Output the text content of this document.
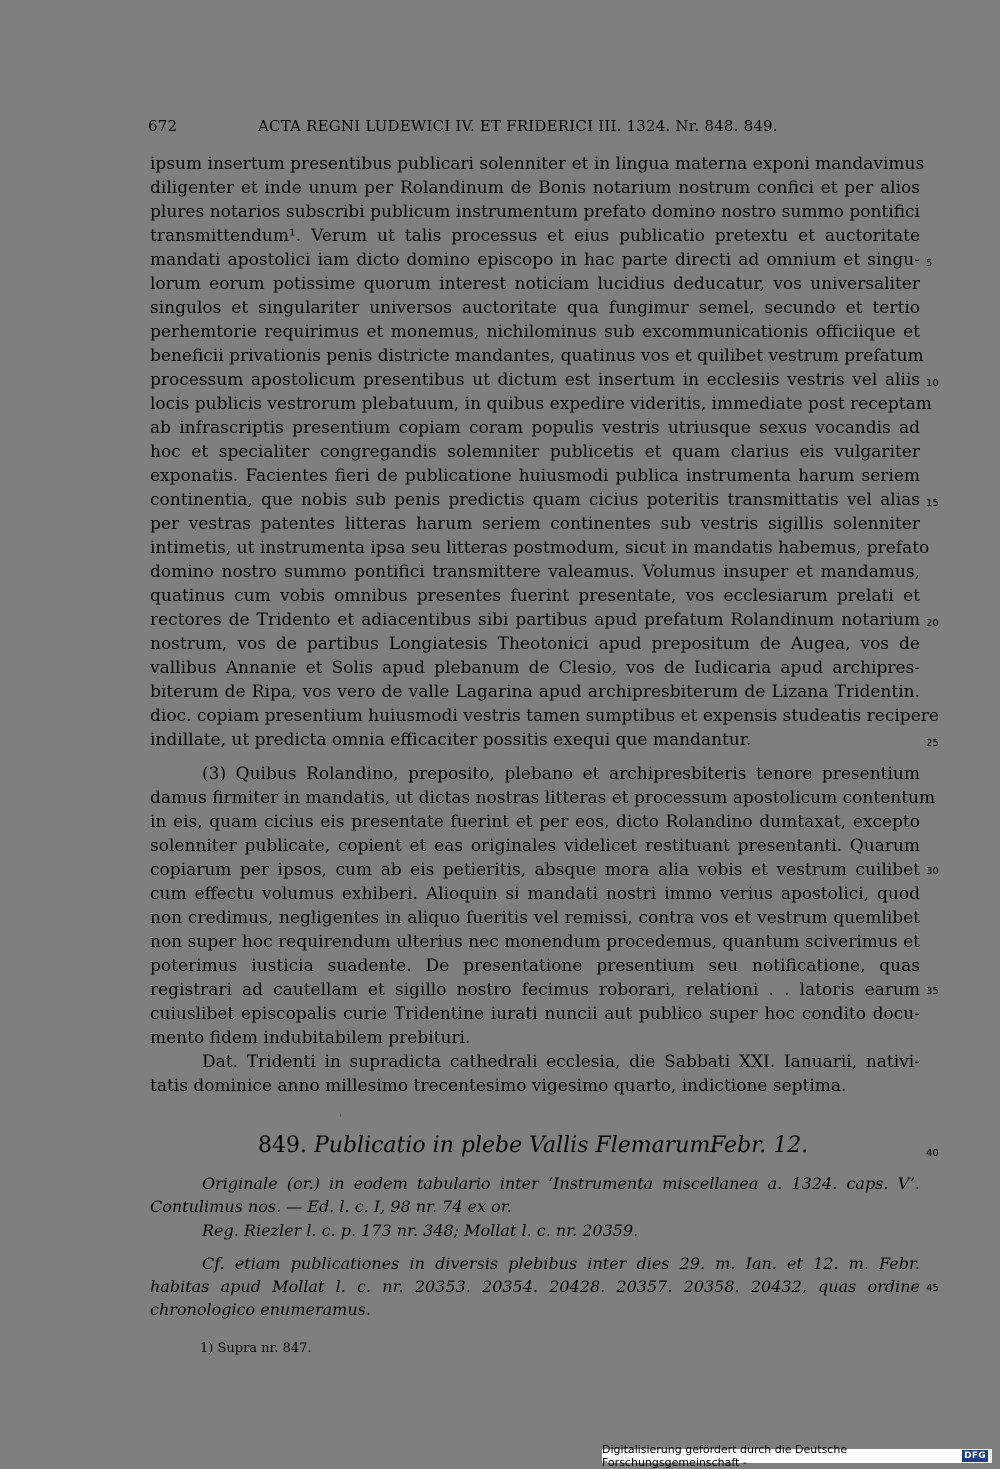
672	ACTA REGNI LUDEWICI IV. ET FRIDERICI III. 1324. Nr. 848. 849.
ipsum insertum presentibus publicari solenniter et in lingua materna exponi mandavimus
diligenter et inde unum per Rolandinum de Bonis notarium nostrum confici et per alios
plures notarios subscribi publicum instrumentum prefato domino nostro summo pontifici
transmittendum¹. Verum ut talis processus et eius publicatio pretextu et auctoritate
mandati apostolici iam dicto domino episcopo in hac parte directi ad omnium et singu-
lorum eorum potissime quorum interest noticiam lucidius deducatur, vos universaliter
singulos et singulariter universos auctoritate qua fungimur semel, secundo et tertio
perhemtorie requirimus et monemus, nichilominus sub excommunicationis officiique et
beneficii privationis penis districte mandantes, quatinus vos et quilibet vestrum prefatum
processum apostolicum presentibus ut dictum est insertum in ecclesiis vestris vel aliis
locis publicis vestrorum plebatuum, in quibus expedire videritis, immediate post receptam
ab infrascriptis presentium copiam coram populis vestris utriusque sexus vocandis ad
hoc et specialiter congregandis solemniter publicetis et quam clarius eis vulgariter
exponatis. Facientes fieri de publicatione huiusmodi publica instrumenta harum seriem
continentia, que nobis sub penis predictis quam cicius poteritis transmittatis vel alias
per vestras patentes litteras harum seriem continentes sub vestris sigillis solenniter
intimetis, ut instrumenta ipsa seu litteras postmodum, sicut in mandatis habemus, prefato
domino nostro summo pontifici transmittere valeamus. Volumus insuper et mandamus,
quatinus cum vobis omnibus presentes fuerint presentate, vos ecclesiarum prelati et
rectores de Tridento et adiacentibus sibi partibus apud prefatum Rolandinum notarium
nostrum, vos de partibus Longiatesis Theotonici apud prepositum de Augea, vos de
vallibus Annanie et Solis apud plebanum de Clesio, vos de Iudicaria apud archipres-
biterum de Ripa, vos vero de valle Lagarina apud archipresbiterum de Lizana Tridentin.
dioc. copiam presentium huiusmodi vestris tamen sumptibus et expensis studeatis recipere
indillate, ut predicta omnia efficaciter possitis exequi que mandantur.
(3) Quibus Rolandino, preposito, plebano et archipresbiteris tenore presentium
damus firmiter in mandatis, ut dictas nostras litteras et processum apostolicum contentum
in eis, quam cicius eis presentate fuerint et per eos, dicto Rolandino dumtaxat, excepto
solenniter publicate, copient et eas originales videlicet restituant presentanti. Quarum
copiarum per ipsos, cum ab eis petieritis, absque mora alia vobis et vestrum cuilibet
cum effectu volumus exhiberi. Alioquin si mandati nostri immo verius apostolici, quod
non credimus, negligentes in aliquo fueritis vel remissi, contra vos et vestrum quemlibet
non super hoc requirendum ulterius nec monendum procedemus, quantum sciverimus et
poterimus iusticia suadente. De presentatione presentium seu notificatione, quas
registrari ad cautellam et sigillo nostro fecimus roborari, relationi . . latoris earum
cuiuslibet episcopalis curie Tridentine iurati nuncii aut publico super hoc condito docu-
mento fidem indubitabilem prebituri.
Dat. Tridenti in supradicta cathedrali ecclesia, die Sabbati XXI. Ianuarii, nativi-
tatis dominice anno millesimo trecentesimo vigesimo quarto, indictione septima.
5
10
15
20
25
30
35
40
45
849. Publicatio in plebe Vallis Flemarum.
Febr. 12.
Originale (or.) in eodem tabulario inter ‘Instrumenta miscellanea a. 1324. caps. V’.
Contulimus nos. — Ed. l. c. I, 98 nr. 74 ex or.
Reg. Riezler l. c. p. 173 nr. 348; Mollat l. c. nr. 20359.
Cf. etiam publicationes in diversis plebibus inter dies 29. m. Ian. et 12. m. Febr.
habitas apud Mollat l. c. nr. 20353. 20354. 20428. 20357. 20358. 20432, quas ordine
chronologico enumeramus.
1) Supra nr. 847.
Digitalisierung gefördert durch die Deutsche Forschungsgemeinschaft -	DFG
